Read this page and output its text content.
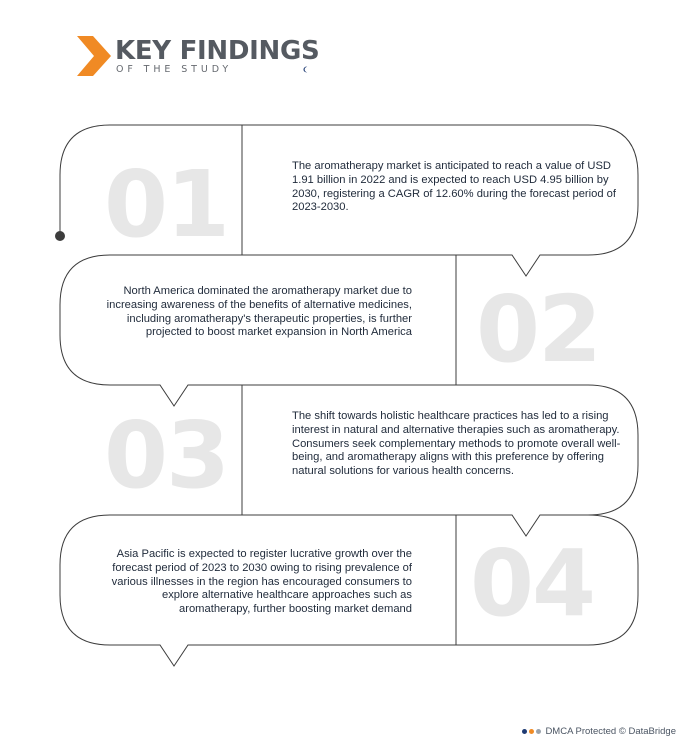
KEY FINDINGS
OF THE STUDY
01	The aromatherapy market is anticipated to reach a value of USD 1.91 billion in 2022 and is expected to reach USD 4.95 billion by 2030, registering a CAGR of 12.60% during the forecast period of 2023-2030.
02
North America dominated the aromatherapy market due to increasing awareness of the benefits of alternative medicines, including aromatherapy's therapeutic properties, is further projected to boost market expansion in North America
03	The shift towards holistic healthcare practices has led to a rising interest in natural and alternative therapies such as aromatherapy. Consumers seek complementary methods to promote overall well-being, and aromatherapy aligns with this preference by offering natural solutions for various health concerns.
04
Asia Pacific is expected to register lucrative growth over the forecast period of 2023 to 2030 owing to rising prevalence of various illnesses in the region has encouraged consumers to explore alternative healthcare approaches such as aromatherapy, further boosting market demand
DMCA Protected © DataBridge
